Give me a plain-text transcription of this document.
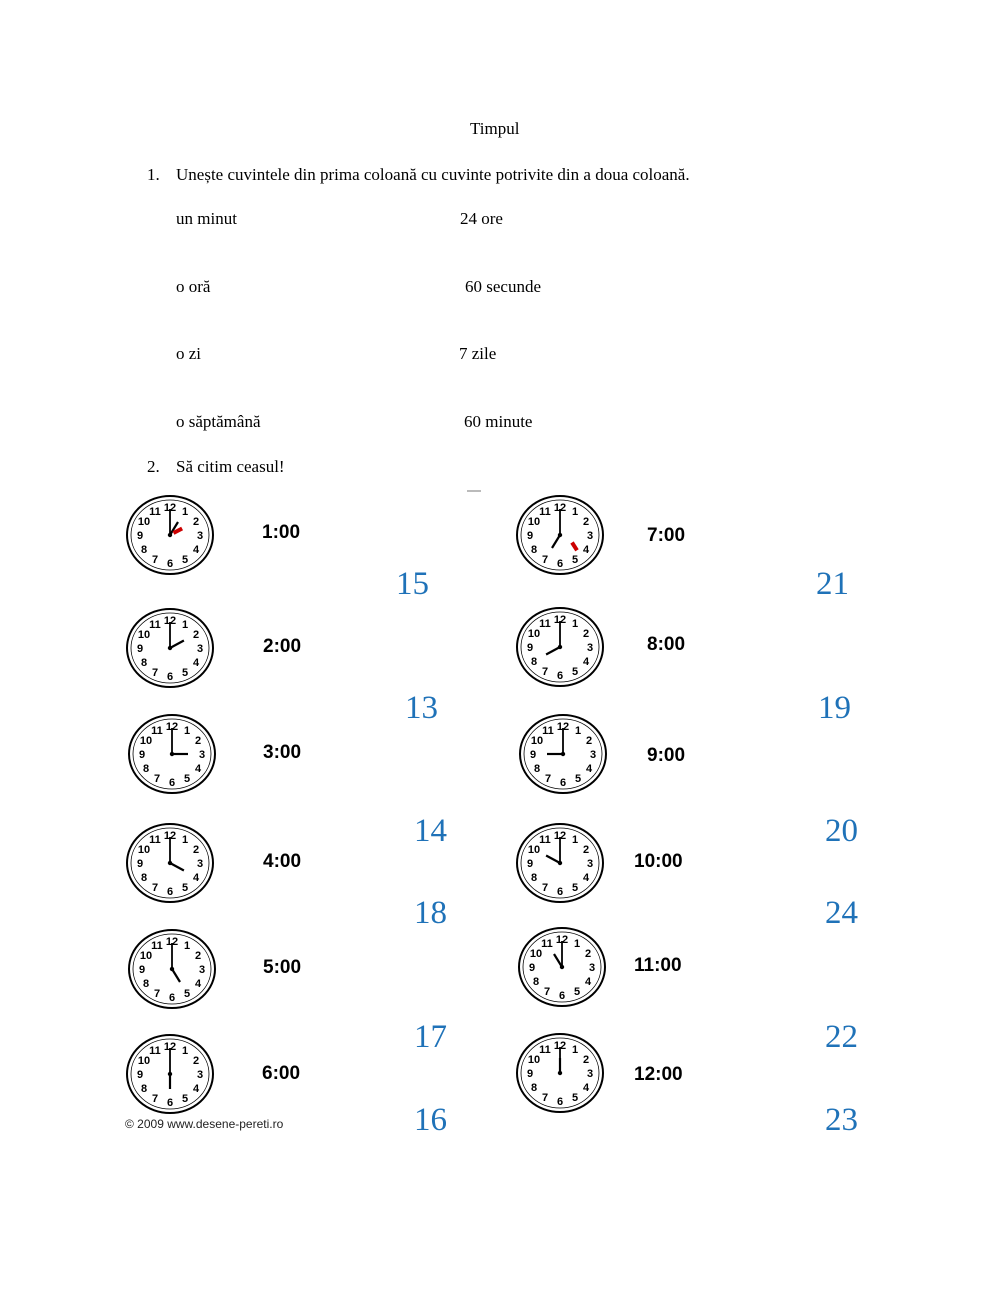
Timpul
1. Unește cuvintele din prima coloană cu cuvinte potrivite din a doua coloană.
un minut	24 ore
o oră	60 secunde
o zi	7 zile
o săptămână	60 minute
2. Să citim ceasul!
12 1
2
3
4
5
6
7
8
9
10
11
12 1
2
3
4
5
6
7
8
9
10
11
12 1
2
3
4
5
6
7
8
9
10
11
12 1
2
3
4
5
6
7
8
9
10
11
12 1
2
3
4
5
6
7
8
9
10
11
12 1
2
3
4
5
6
7
8
9
10
11
12 1
2
3
4
5
6
7
8
9
10
11
12 1
2
3
4
5
6
7
8
9
10
11
12 1
2
3
4
5
6
7
8
9
10
11
12 1
2
3
4
5
6
7
8
9
10
11
12 1
2
3
4
5
6
7
8
9
10
11
12 1
2
3
4
5
6
7
8
9
10
11
1:00
2:00
3:00
4:00
5:00
6:00
7:00
8:00
9:00
10:00
11:00
12:00
15
13
14
18
17
16
21
19
20
24
22
23
© 2009 www.desene-pereti.ro
